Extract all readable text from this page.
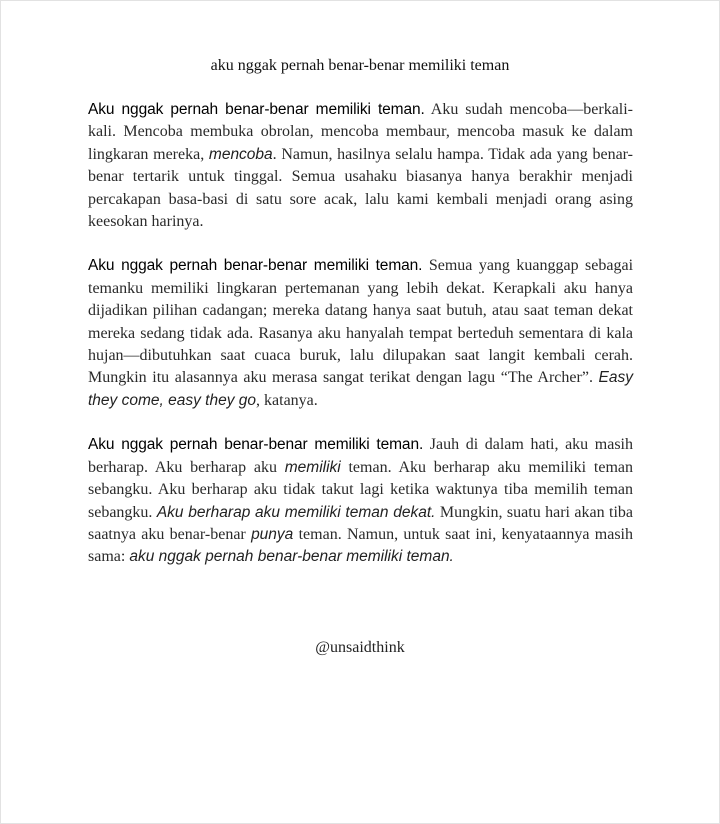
aku nggak pernah benar-benar memiliki teman

Aku nggak pernah benar-benar memiliki teman. Aku sudah mencoba—berkali-kali. Mencoba membuka obrolan, mencoba membaur, mencoba masuk ke dalam lingkaran mereka, mencoba. Namun, hasilnya selalu hampa. Tidak ada yang benar-benar tertarik untuk tinggal. Semua usahaku biasanya hanya berakhir menjadi percakapan basa-basi di satu sore acak, lalu kami kembali menjadi orang asing keesokan harinya.

Aku nggak pernah benar-benar memiliki teman. Semua yang kuanggap sebagai temanku memiliki lingkaran pertemanan yang lebih dekat. Kerapkali aku hanya dijadikan pilihan cadangan; mereka datang hanya saat butuh, atau saat teman dekat mereka sedang tidak ada. Rasanya aku hanyalah tempat berteduh sementara di kala hujan—dibutuhkan saat cuaca buruk, lalu dilupakan saat langit kembali cerah. Mungkin itu alasannya aku merasa sangat terikat dengan lagu “The Archer”. Easy they come, easy they go, katanya.

Aku nggak pernah benar-benar memiliki teman. Jauh di dalam hati, aku masih berharap. Aku berharap aku memiliki teman. Aku berharap aku memiliki teman sebangku. Aku berharap aku tidak takut lagi ketika waktunya tiba memilih teman sebangku. Aku berharap aku memiliki teman dekat. Mungkin, suatu hari akan tiba saatnya aku benar-benar punya teman. Namun, untuk saat ini, kenyataannya masih sama: aku nggak pernah benar-benar memiliki teman.

@unsaidthink
